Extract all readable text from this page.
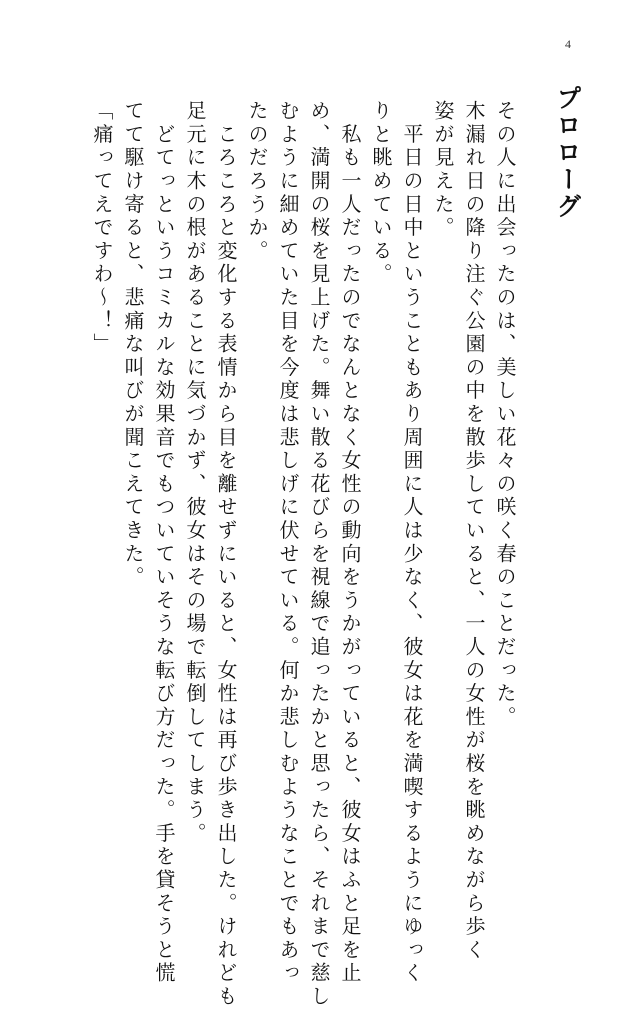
4
プロローグ
その人に出会ったのは、美しい花々の咲く春のことだった。
木漏れ日の降り注ぐ公園の中を散歩していると、一人の女性が桜を眺めながら歩く
姿が見えた。
　平日の日中ということもあり周囲に人は少なく、彼女は花を満喫するようにゆっく
りと眺めている。
　私も一人だったのでなんとなく女性の動向をうかがっていると、彼女はふと足を止
め、満開の桜を見上げた。舞い散る花びらを視線で追ったかと思ったら、それまで慈し
むように細めていた目を今度は悲しげに伏せている。何か悲しむようなことでもあっ
たのだろうか。
　ころころと変化する表情から目を離せずにいると、女性は再び歩き出した。けれども
足元に木の根があることに気づかず、彼女はその場で転倒してしまう。
　どてっというコミカルな効果音でもついていそうな転び方だった。手を貸そうと慌
てて駆け寄ると、悲痛な叫びが聞こえてきた。
「痛ってえですわ〜！」
